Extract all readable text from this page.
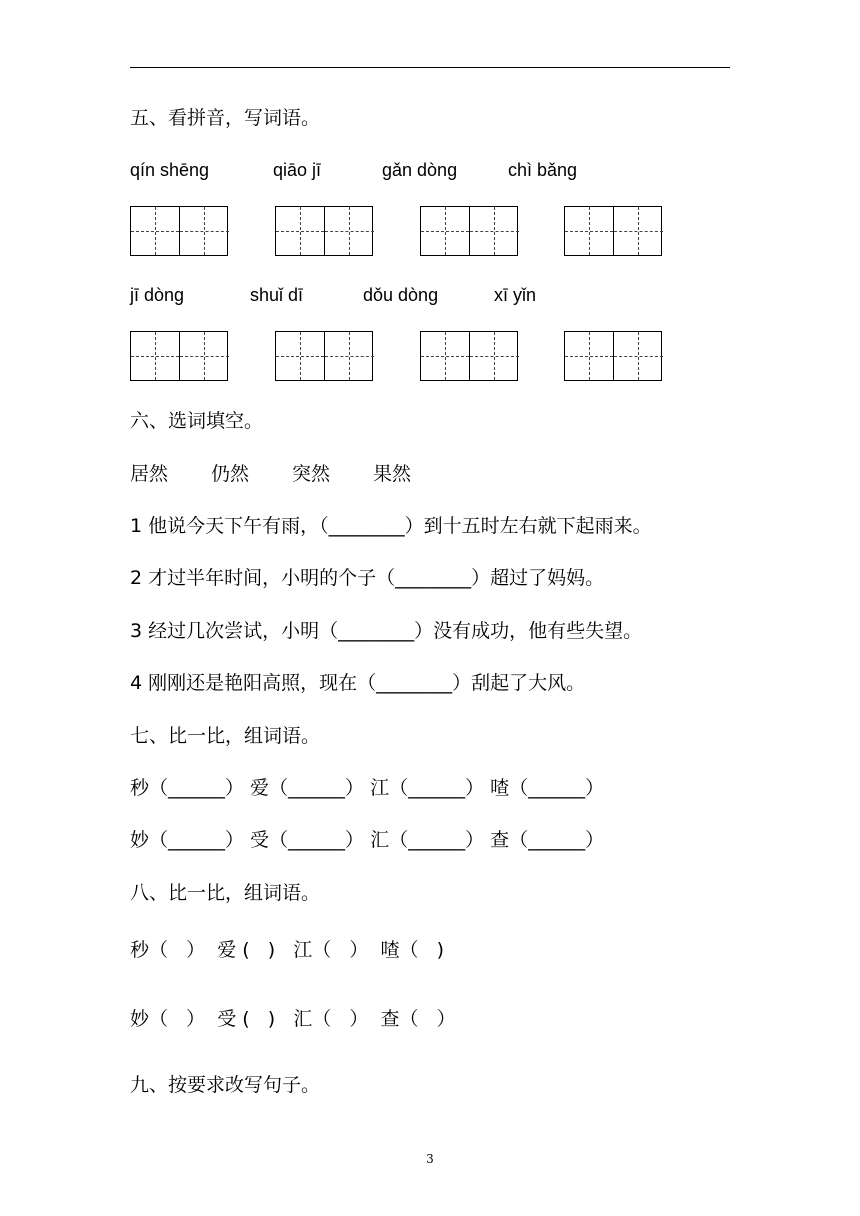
五、看拼音，写词语。
qín shēng	qiāo jī	gǎn dòng	chì bǎng
jī dòng	shuǐ dī	dǒu dòng	xī yǐn
六、选词填空。
居然 仍然 突然 果然
1 他说今天下午有雨，（________）到十五时左右就下起雨来。
2 才过半年时间，小明的个子（________）超过了妈妈。
3 经过几次尝试，小明（________）没有成功，他有些失望。
4 刚刚还是艳阳高照，现在（________）刮起了大风。
七、比一比，组词语。
秒（______） 爱（______） 江（______） 喳（______）
妙（______） 受（______） 汇（______） 查（______）
八、比一比，组词语。
秒（   ）  爱 (   )   江（   ）  喳（   )
妙（   ）  受 (   )   汇（   ）  查（   ）
九、按要求改写句子。
3
